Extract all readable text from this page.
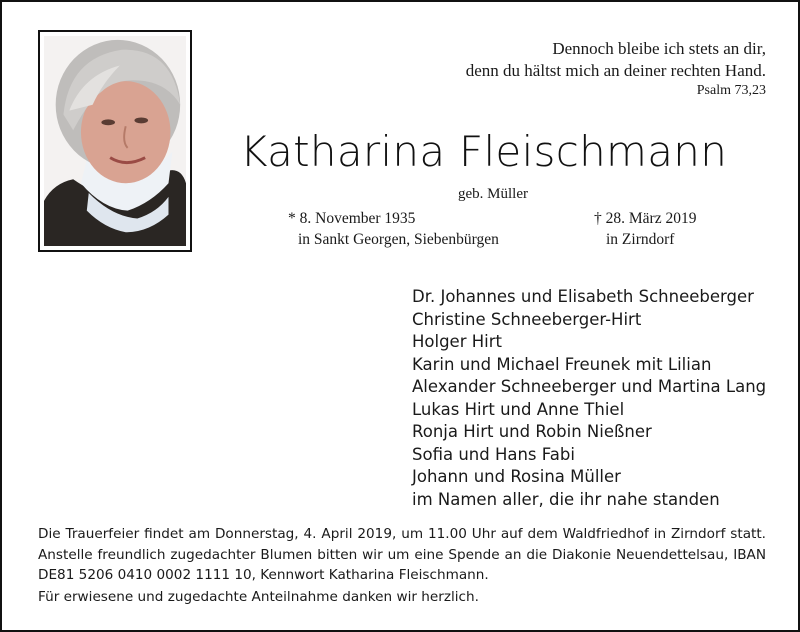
Dennoch bleibe ich stets an dir,
denn du hältst mich an deiner rechten Hand.
Psalm 73,23
Katharina Fleischmann
geb. Müller
* 8. November 1935
in Sankt Georgen, Siebenbürgen
† 28. März 2019
in Zirndorf
Dr. Johannes und Elisabeth Schneeberger
Christine Schneeberger-Hirt
Holger Hirt
Karin und Michael Freunek mit Lilian
Alexander Schneeberger und Martina Lang
Lukas Hirt und Anne Thiel
Ronja Hirt und Robin Nießner
Sofia und Hans Fabi
Johann und Rosina Müller
im Namen aller, die ihr nahe standen

Die Trauerfeier findet am Donnerstag, 4. April 2019, um 11.00 Uhr auf dem Waldfriedhof in Zirndorf statt. Anstelle freundlich zugedachter Blumen bitten wir um eine Spende an die Diakonie Neuendettelsau, IBAN DE81 5206 0410 0002 1111 10, Kennwort Katharina Fleischmann.

Für erwiesene und zugedachte Anteilnahme danken wir herzlich.
